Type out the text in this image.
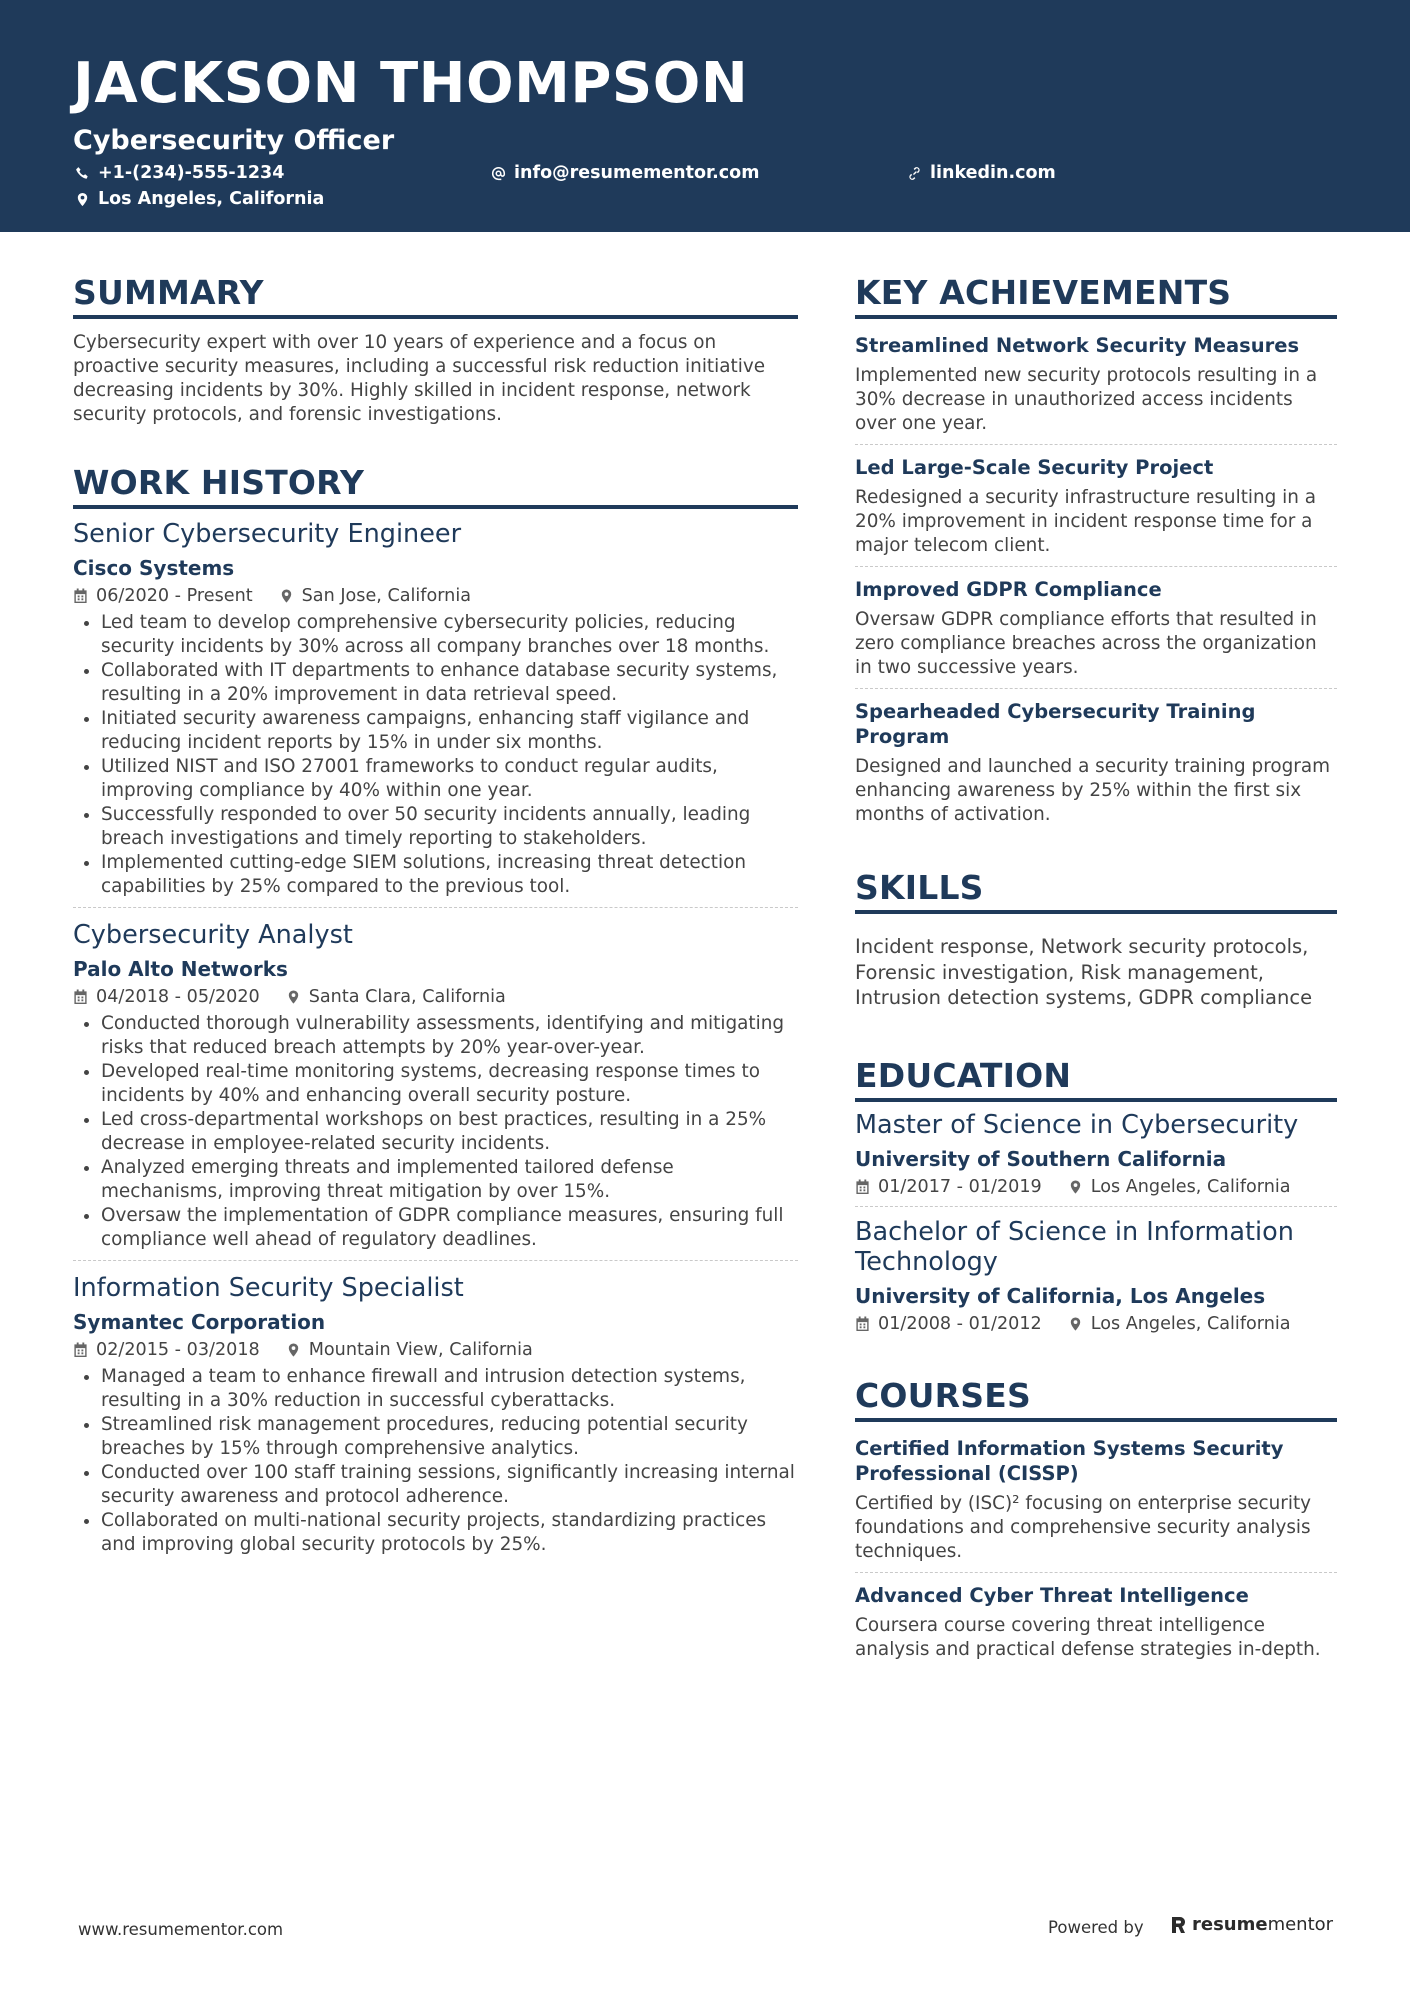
JACKSON THOMPSON
Cybersecurity Officer
+1-(234)-555-1234	info@resumementor.com	linkedin.com
Los Angeles, California
SUMMARY

Cybersecurity expert with over 10 years of experience and a focus on proactive security measures, including a successful risk reduction initiative decreasing incidents by 30%. Highly skilled in incident response, network security protocols, and forensic investigations.

WORK HISTORY
Senior Cybersecurity Engineer
Cisco Systems
06/2020 - Present	San Jose, California
• Led team to develop comprehensive cybersecurity policies, reducing security incidents by 30% across all company branches over 18 months.
• Collaborated with IT departments to enhance database security systems, resulting in a 20% improvement in data retrieval speed.
• Initiated security awareness campaigns, enhancing staff vigilance and reducing incident reports by 15% in under six months.
• Utilized NIST and ISO 27001 frameworks to conduct regular audits, improving compliance by 40% within one year.
• Successfully responded to over 50 security incidents annually, leading breach investigations and timely reporting to stakeholders.
• Implemented cutting-edge SIEM solutions, increasing threat detection capabilities by 25% compared to the previous tool.
Cybersecurity Analyst
Palo Alto Networks
04/2018 - 05/2020	Santa Clara, California
• Conducted thorough vulnerability assessments, identifying and mitigating risks that reduced breach attempts by 20% year-over-year.
• Developed real-time monitoring systems, decreasing response times to incidents by 40% and enhancing overall security posture.
• Led cross-departmental workshops on best practices, resulting in a 25% decrease in employee-related security incidents.
• Analyzed emerging threats and implemented tailored defense mechanisms, improving threat mitigation by over 15%.
• Oversaw the implementation of GDPR compliance measures, ensuring full compliance well ahead of regulatory deadlines.
Information Security Specialist
Symantec Corporation
02/2015 - 03/2018	Mountain View, California
• Managed a team to enhance firewall and intrusion detection systems, resulting in a 30% reduction in successful cyberattacks.
• Streamlined risk management procedures, reducing potential security breaches by 15% through comprehensive analytics.
• Conducted over 100 staff training sessions, significantly increasing internal security awareness and protocol adherence.
• Collaborated on multi-national security projects, standardizing practices and improving global security protocols by 25%.
KEY ACHIEVEMENTS
Streamlined Network Security Measures
Implemented new security protocols resulting in a 30% decrease in unauthorized access incidents over one year.
Led Large-Scale Security Project
Redesigned a security infrastructure resulting in a 20% improvement in incident response time for a major telecom client.
Improved GDPR Compliance
Oversaw GDPR compliance efforts that resulted in zero compliance breaches across the organization in two successive years.
Spearheaded Cybersecurity Training Program
Designed and launched a security training program enhancing awareness by 25% within the first six months of activation.
SKILLS
Incident response, Network security protocols, Forensic investigation, Risk management, Intrusion detection systems, GDPR compliance
EDUCATION
Master of Science in Cybersecurity
University of Southern California
01/2017 - 01/2019	Los Angeles, California
Bachelor of Science in Information Technology
University of California, Los Angeles
01/2008 - 01/2012	Los Angeles, California
COURSES
Certified Information Systems Security Professional (CISSP)
Certified by (ISC)² focusing on enterprise security foundations and comprehensive security analysis techniques.
Advanced Cyber Threat Intelligence
Coursera course covering threat intelligence analysis and practical defense strategies in-depth.
www.resumementor.com	Powered by	resumementor
